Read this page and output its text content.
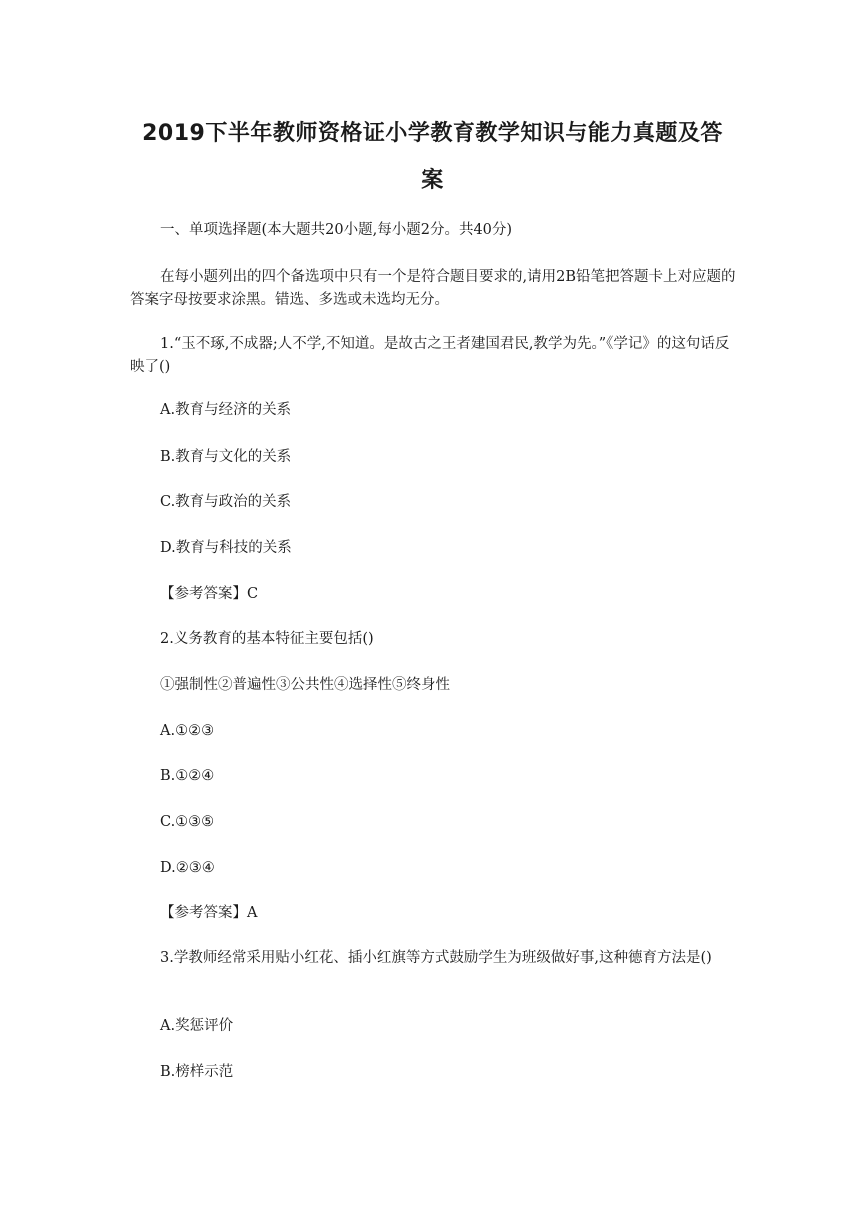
2019下半年教师资格证小学教育教学知识与能力真题及答
案

一、单项选择题(本大题共20小题,每小题2分。共40分)

在每小题列出的四个备选项中只有一个是符合题目要求的,请用2B铅笔把答题卡上对应题的答案字母按要求涂黑。错选、多选或未选均无分。

1.“玉不琢,不成器;人不学,不知道。是故古之王者建国君民,教学为先。”《学记》的这句话反映了()

A.教育与经济的关系

B.教育与文化的关系

C.教育与政治的关系

D.教育与科技的关系

【参考答案】C

2.义务教育的基本特征主要包括()

①强制性②普遍性③公共性④选择性⑤终身性

A.①②③

B.①②④

C.①③⑤

D.②③④

【参考答案】A

3.学教师经常采用贴小红花、插小红旗等方式鼓励学生为班级做好事,这种德育方法是()

A.奖惩评价

B.榜样示范
